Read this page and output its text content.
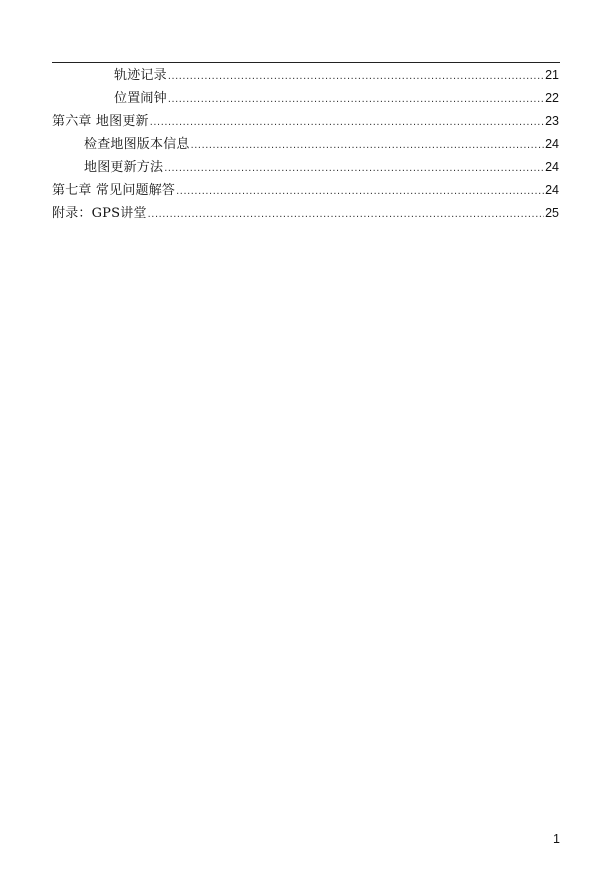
轨迹记录 .....	21
位置闹钟 .....	22
第六章 地图更新 .....	23
检查地图版本信息 .....	24
地图更新方法 .....	24
第七章 常见问题解答 .....	24
附录：GPS讲堂 .....	25
1
